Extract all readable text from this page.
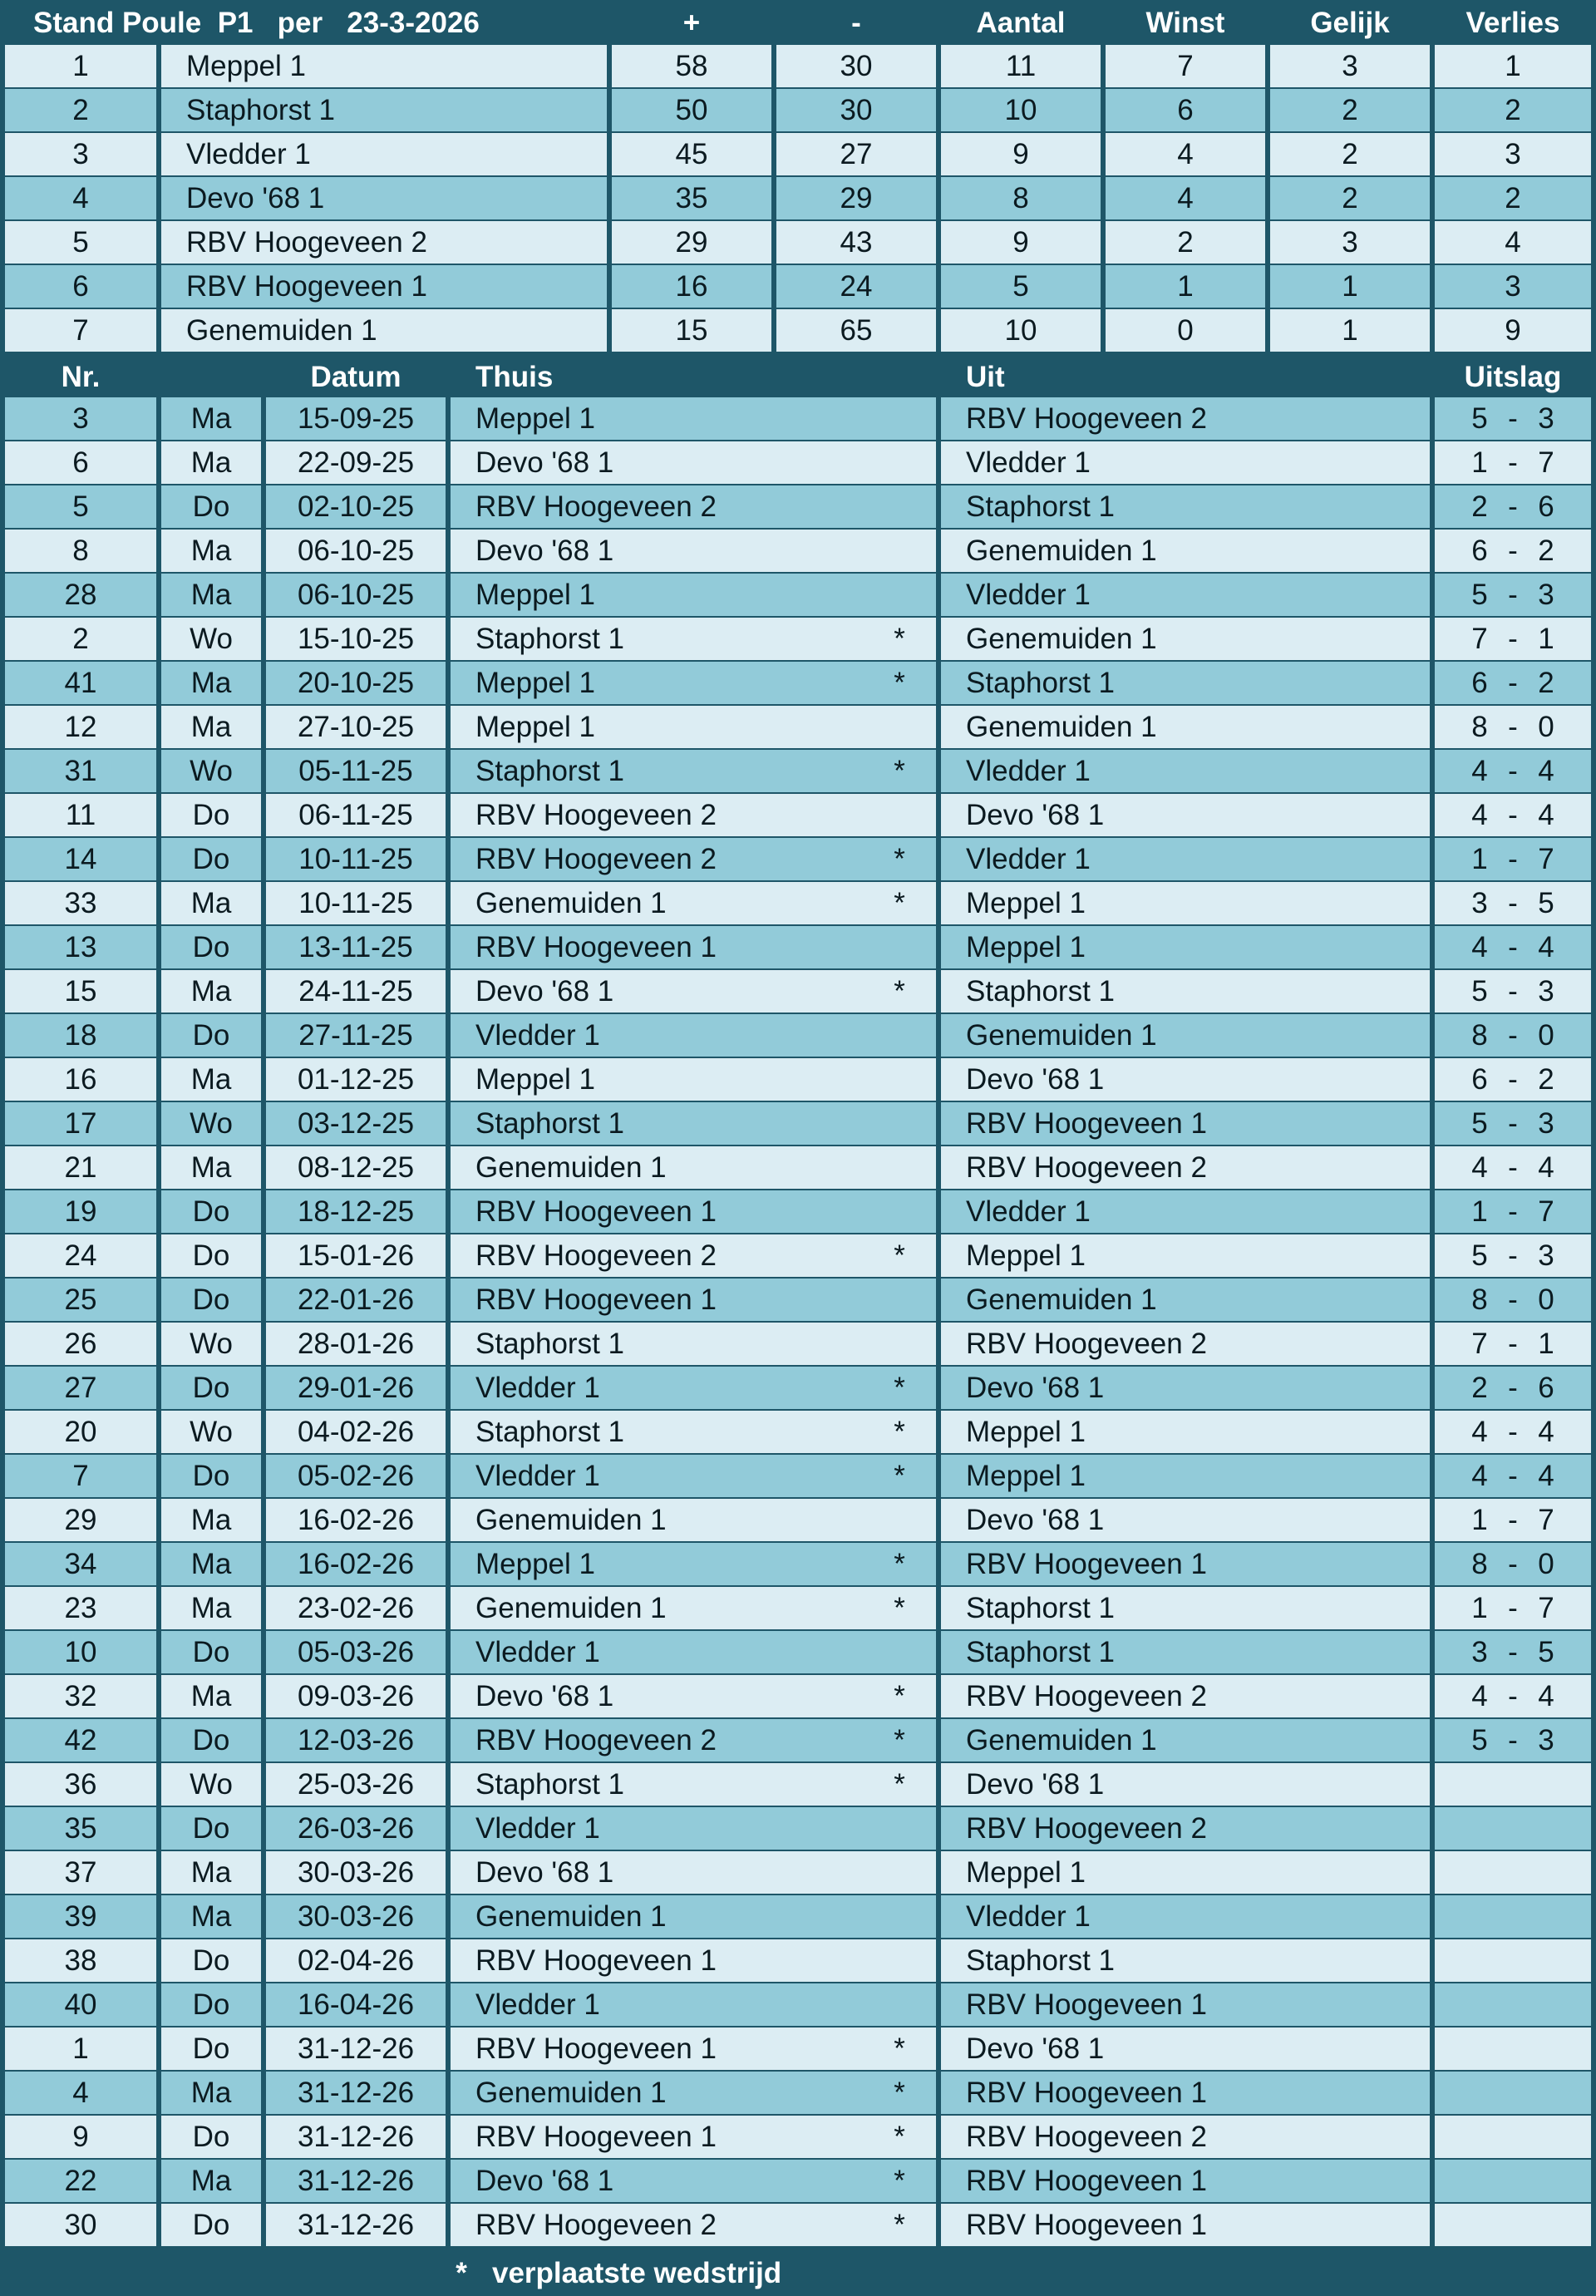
Stand Poule  P1   per   23-3-2026	+	-	Aantal	Winst	Gelijk	Verlies
1	Meppel 1	58	30	11	7	3	1
2	Staphorst 1	50	30	10	6	2	2
3	Vledder 1	45	27	9	4	2	3
4	Devo '68 1	35	29	8	4	2	2
5	RBV Hoogeveen 2	29	43	9	2	3	4
6	RBV Hoogeveen 1	16	24	5	1	1	3
7	Genemuiden 1	15	65	10	0	1	9
Nr.	Datum	Thuis	Uit	Uitslag
3	Ma	15-09-25	Meppel 1	RBV Hoogeveen 2	5 - 3
6	Ma	22-09-25	Devo '68 1	Vledder 1	1 - 7
5	Do	02-10-25	RBV Hoogeveen 2	Staphorst 1	2 - 6
8	Ma	06-10-25	Devo '68 1	Genemuiden 1	6 - 2
28	Ma	06-10-25	Meppel 1	Vledder 1	5 - 3
2	Wo	15-10-25	Staphorst 1	*	Genemuiden 1	7 - 1
41	Ma	20-10-25	Meppel 1	*	Staphorst 1	6 - 2
12	Ma	27-10-25	Meppel 1	Genemuiden 1	8 - 0
31	Wo	05-11-25	Staphorst 1	*	Vledder 1	4 - 4
11	Do	06-11-25	RBV Hoogeveen 2	Devo '68 1	4 - 4
14	Do	10-11-25	RBV Hoogeveen 2	*	Vledder 1	1 - 7
33	Ma	10-11-25	Genemuiden 1	*	Meppel 1	3 - 5
13	Do	13-11-25	RBV Hoogeveen 1	Meppel 1	4 - 4
15	Ma	24-11-25	Devo '68 1	*	Staphorst 1	5 - 3
18	Do	27-11-25	Vledder 1	Genemuiden 1	8 - 0
16	Ma	01-12-25	Meppel 1	Devo '68 1	6 - 2
17	Wo	03-12-25	Staphorst 1	RBV Hoogeveen 1	5 - 3
21	Ma	08-12-25	Genemuiden 1	RBV Hoogeveen 2	4 - 4
19	Do	18-12-25	RBV Hoogeveen 1	Vledder 1	1 - 7
24	Do	15-01-26	RBV Hoogeveen 2	*	Meppel 1	5 - 3
25	Do	22-01-26	RBV Hoogeveen 1	Genemuiden 1	8 - 0
26	Wo	28-01-26	Staphorst 1	RBV Hoogeveen 2	7 - 1
27	Do	29-01-26	Vledder 1	*	Devo '68 1	2 - 6
20	Wo	04-02-26	Staphorst 1	*	Meppel 1	4 - 4
7	Do	05-02-26	Vledder 1	*	Meppel 1	4 - 4
29	Ma	16-02-26	Genemuiden 1	Devo '68 1	1 - 7
34	Ma	16-02-26	Meppel 1	*	RBV Hoogeveen 1	8 - 0
23	Ma	23-02-26	Genemuiden 1	*	Staphorst 1	1 - 7
10	Do	05-03-26	Vledder 1	Staphorst 1	3 - 5
32	Ma	09-03-26	Devo '68 1	*	RBV Hoogeveen 2	4 - 4
42	Do	12-03-26	RBV Hoogeveen 2	*	Genemuiden 1	5 - 3
36	Wo	25-03-26	Staphorst 1	*	Devo '68 1
35	Do	26-03-26	Vledder 1	RBV Hoogeveen 2
37	Ma	30-03-26	Devo '68 1	Meppel 1
39	Ma	30-03-26	Genemuiden 1	Vledder 1
38	Do	02-04-26	RBV Hoogeveen 1	Staphorst 1
40	Do	16-04-26	Vledder 1	RBV Hoogeveen 1
1	Do	31-12-26	RBV Hoogeveen 1	*	Devo '68 1
4	Ma	31-12-26	Genemuiden 1	*	RBV Hoogeveen 1
9	Do	31-12-26	RBV Hoogeveen 1	*	RBV Hoogeveen 2
22	Ma	31-12-26	Devo '68 1	*	RBV Hoogeveen 1
30	Do	31-12-26	RBV Hoogeveen 2	*	RBV Hoogeveen 1
* verplaatste wedstrijd
